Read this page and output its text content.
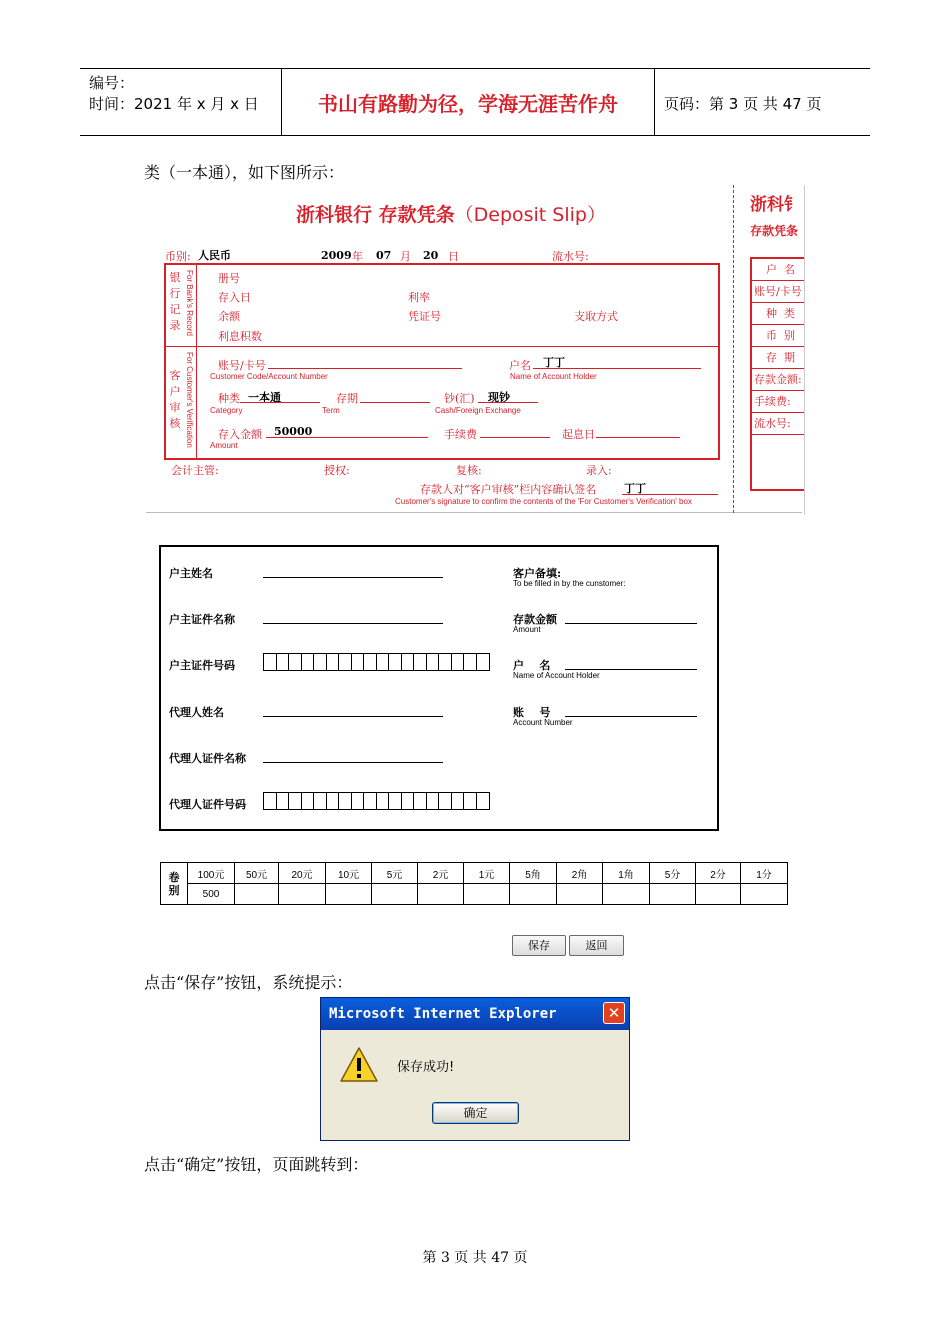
编号：
时间：2021 年 x 月 x 日	书山有路勤为径，学海无涯苦作舟	页码：第 3 页 共 47 页
类（一本通），如下图所示：
浙科银行 存款凭条（Deposit Slip）
币别: 人民币	2009 年 07 月 20 日	流水号:
银行记录 For Bank's Record
客户审核 For Customer's Verification
册号
存入日	利率
余额	凭证号	支取方式
利息积数
账号/卡号
Customer Code/Account Number
户名 丁丁
Name of Account Holder
种类 一本通
Category
存期
Term
钞(汇) 现钞
Cash/Foreign Exchange
存入金额 50000
Amount
手续费	起息日
会计主管:	授权:	复核:	录入:
存款人对“客户审核”栏内容确认签名	丁丁
Customer's signature to confirm the contents of the 'For Customer's Verification' box
浙科钅
存款凭条
户  名
账号/卡号
种  类
币  别
存  期
存款金额:
手续费:
流水号:
户主姓名
户主证件名称
户主证件号码
代理人姓名
代理人证件名称
代理人证件号码
客户备填:
To be filled in by the cunstomer:
存款金额
Amount
户    名
Name of Account Holder
账    号
Account Number
卷别	100元	50元	20元	10元	5元	2元	1元	5角	2角	1角	5分	2分	1分
	500												
保存	返回
点击“保存”按钮，系统提示：
Microsoft Internet Explorer	✕
保存成功!
确定
点击“确定”按钮，页面跳转到：
第 3 页 共 47 页
